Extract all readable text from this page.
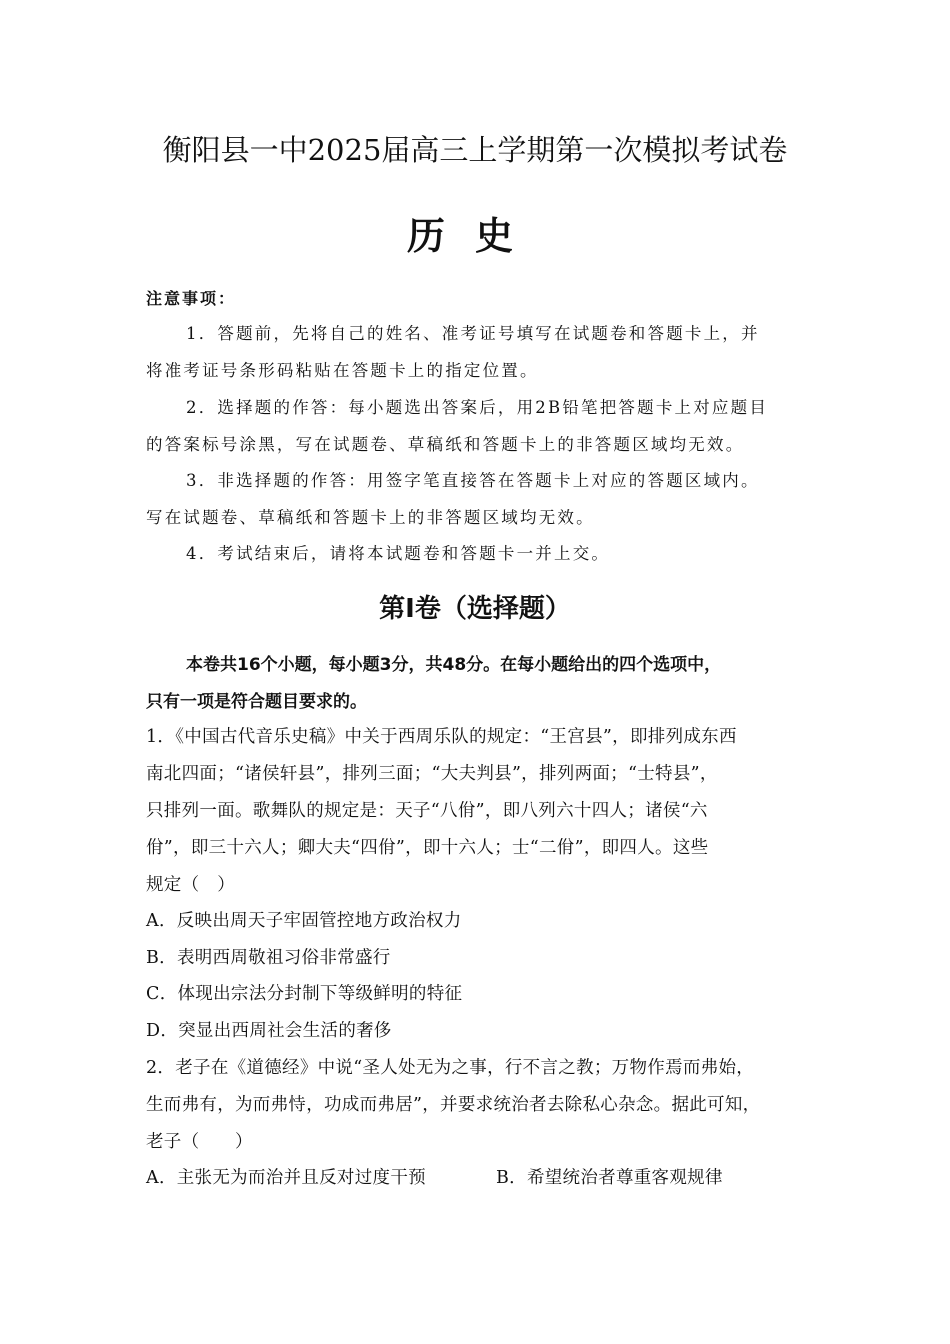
衡阳县一中2025届高三上学期第一次模拟考试卷
历史
注意事项：
1．答题前，先将自己的姓名、准考证号填写在试题卷和答题卡上，并
将准考证号条形码粘贴在答题卡上的指定位置。
2．选择题的作答：每小题选出答案后，用2B铅笔把答题卡上对应题目
的答案标号涂黑，写在试题卷、草稿纸和答题卡上的非答题区域均无效。
3．非选择题的作答：用签字笔直接答在答题卡上对应的答题区域内。
写在试题卷、草稿纸和答题卡上的非答题区域均无效。
4．考试结束后，请将本试题卷和答题卡一并上交。
第Ⅰ卷（选择题）
本卷共16个小题，每小题3分，共48分。在每小题给出的四个选项中，
只有一项是符合题目要求的。
1．《中国古代音乐史稿》中关于西周乐队的规定：“王宫县”，即排列成东西
南北四面；“诸侯轩县”，排列三面；“大夫判县”，排列两面；“士特县”，
只排列一面。歌舞队的规定是：天子“八佾”，即八列六十四人；诸侯“六
佾”，即三十六人；卿大夫“四佾”，即十六人；士“二佾”，即四人。这些
规定（　）
A．反映出周天子牢固管控地方政治权力
B．表明西周敬祖习俗非常盛行
C．体现出宗法分封制下等级鲜明的特征
D．突显出西周社会生活的奢侈
2．老子在《道德经》中说“圣人处无为之事，行不言之教；万物作焉而弗始，
生而弗有，为而弗恃，功成而弗居”，并要求统治者去除私心杂念。据此可知，
老子（　　）
A．主张无为而治并且反对过度干预	B．希望统治者尊重客观规律
